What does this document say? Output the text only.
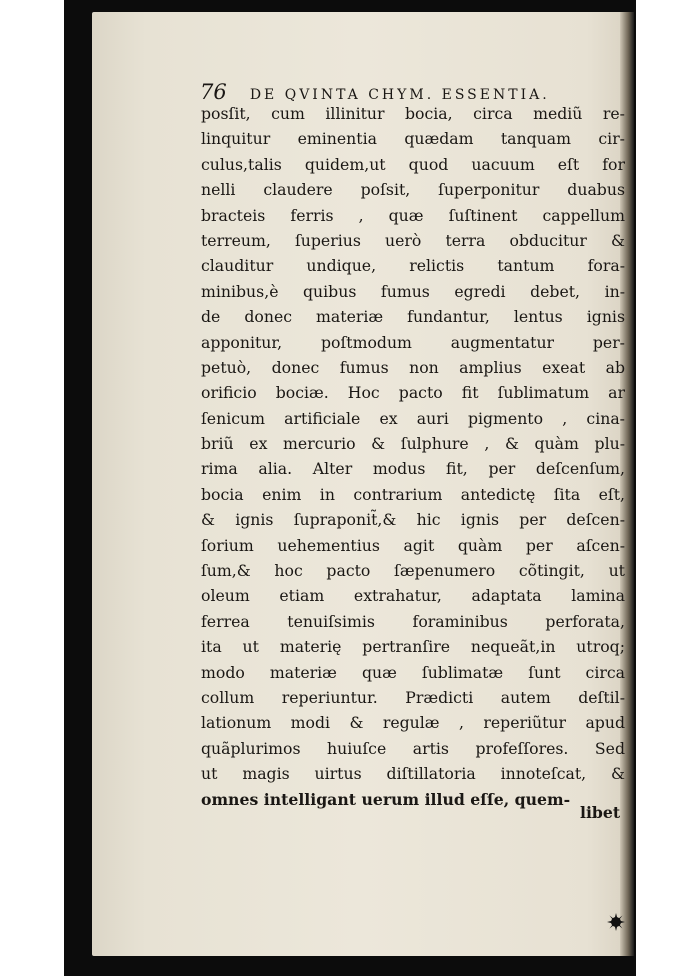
76 DE QVINTA CHYM. ESSENTIA.
posſit, cum illinitur bocia, circa mediũ re-
linquitur eminentia quædam tanquam cir-
culus,talis quidem,ut quod uacuum eſt for
nelli claudere poſsit, ſuperponitur duabus
bracteis ferris , quæ ſuſtinent cappellum
terreum, ſuperius uerò terra obducitur &
clauditur undique, relictis tantum fora-
minibus,è quibus fumus egredi debet, in-
de donec materiæ fundantur, lentus ignis
apponitur, poſtmodum augmentatur per-
petuò, donec fumus non amplius exeat ab
orificio bociæ. Hoc pacto fit ſublimatum ar
ſenicum artificiale ex auri pigmento , cina-
briũ ex mercurio & ſulphure , & quàm plu-
rima alia. Alter modus fit, per deſcenſum,
bocia enim in contrarium antedictę ſita eſt,
& ignis ſupraponit̃,& hic ignis per deſcen-
ſorium uehementius agit quàm per aſcen-
ſum,& hoc pacto ſæpenumero cõtingit, ut
oleum etiam extrahatur, adaptata lamina
ferrea tenuiſsimis foraminibus perforata,
ita ut materię pertranſire nequeãt,in utroq;
modo materiæ quæ ſublimatæ ſunt circa
collum reperiuntur. Prædicti autem deſtil-
lationum modi & regulæ , reperiũtur apud
quãplurimos huiuſce artis profeſſores. Sed
ut magis uirtus diſtillatoria innoteſcat, &
omnes intelligant uerum illud eſſe, quem-
libet
